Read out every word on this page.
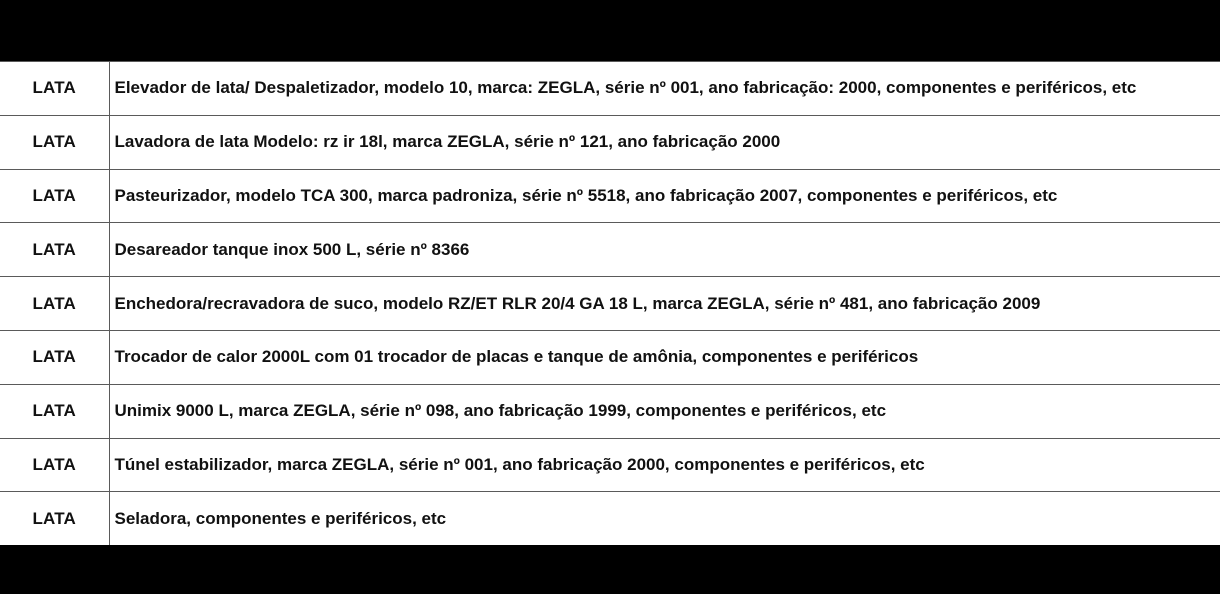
LATA	Elevador de lata/ Despaletizador, modelo 10, marca: ZEGLA, série nº 001, ano fabricação: 2000, componentes e periféricos, etc
LATA	Lavadora de lata Modelo: rz ir 18l, marca ZEGLA, série nº 121, ano fabricação 2000
LATA	Pasteurizador, modelo TCA 300, marca padroniza, série nº 5518, ano fabricação 2007, componentes e periféricos, etc
LATA	Desareador tanque inox 500 L, série nº 8366
LATA	Enchedora/recravadora de suco, modelo RZ/ET RLR 20/4 GA 18 L, marca ZEGLA, série nº 481, ano fabricação 2009
LATA	Trocador de calor 2000L com 01 trocador de placas e tanque de amônia, componentes e periféricos
LATA	Unimix 9000 L, marca ZEGLA, série nº 098, ano fabricação 1999, componentes e periféricos, etc
LATA	Túnel estabilizador, marca ZEGLA, série nº 001, ano fabricação 2000, componentes e periféricos, etc
LATA	Seladora, componentes e periféricos, etc
